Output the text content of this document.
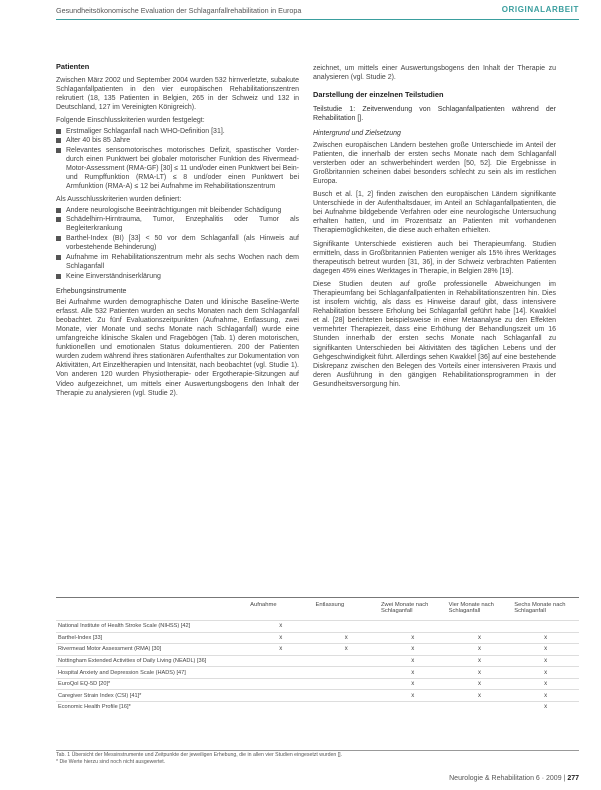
Gesundheitsökonomische Evaluation der Schlaganfallrehabilitation in Europa	ORIGINALARBEIT
Patienten

Zwischen März 2002 und September 2004 wurden 532 hirnverletzte, subakute Schlaganfallpatienten in den vier europäischen Rehabilitationszentren rekrutiert (18, 135 Patienten in Belgien, 265 in der Schweiz und 132 in Deutschland, 127 im Vereinigten Königreich).

Folgende Einschlusskriterien wurden festgelegt:
Erstmaliger Schlaganfall nach WHO-Definition [31].
Alter 40 bis 85 Jahre
Relevantes sensomotorisches motorisches Defizit, spastischer Vorder- durch einen Punktwert bei globaler motorischer Funktion des Rivermead-Motor-Assessment (RMA-GF) [30] ≤ 11 und/oder einen Punktwert bei Bein- und Rumpffunktion (RMA-LT) ≤ 8 und/oder einen Punktwert bei Armfunktion (RMA-A) ≤ 12 bei Aufnahme im Rehabilitationszentrum
Als Ausschlusskriterien wurden definiert:
Andere neurologische Beeinträchtigungen mit bleibender Schädigung
Schädelhirn-Hirntrauma, Tumor, Enzephalitis oder Tumor als Begleiterkrankung
Barthel-Index (BI) [33] < 50 vor dem Schlaganfall (als Hinweis auf vorbestehende Behinderung)
Aufnahme im Rehabilitationszentrum mehr als sechs Wochen nach dem Schlaganfall
Keine Einverständniserklärung
Erhebungsinstrumente

Bei Aufnahme wurden demographische Daten und klinische Baseline-Werte erfasst. Alle 532 Patienten wurden an sechs Monaten nach dem Schlaganfall beobachtet. Zu fünf Evaluationszeitpunkten (Aufnahme, Entlassung, zwei Monate, vier Monate und sechs Monate nach Schlaganfall) wurde eine umfangreiche klinische Skalen und Fragebögen (Tab. 1) deren motorischen, funktionellen und emotionalen Status dokumentieren. 200 der Patienten wurden zudem während ihres stationären Aufenthaltes zur Dokumentation von Aktivitäten, Art Einzeltherapien und Intensität, nach beobachtet (vgl. Studie 1). Von anderen 120 wurden Physiotherapie- oder Ergotherapie-Sitzungen auf Video aufgezeichnet, um mittels einer Auswertungsbogens den Inhalt der Therapie zu analysieren (vgl. Studie 2).

zeichnet, um mittels einer Auswertungsbogens den Inhalt der Therapie zu analysieren (vgl. Studie 2).

Darstellung der einzelnen Teilstudien
Teilstudie 1: Zeitverwendung von Schlaganfallpatienten während der Rehabilitation [].
Hintergrund und Zielsetzung

Zwischen europäischen Ländern bestehen große Unterschiede im Anteil der Patienten, die innerhalb der ersten sechs Monate nach dem Schlaganfall versterben oder an schwerbehindert werden [50, 52]. Die Ergebnisse in Großbritannien scheinen dabei besonders schlecht zu sein als im restlichen Europa.

Busch et al. [1, 2] finden zwischen den europäischen Ländern signifikante Unterschiede in der Aufenthaltsdauer, im Anteil an Schlaganfallpatienten, die bei Aufnahme bildgebende Verfahren oder eine neurologische Untersuchung erhalten hatten, und im Prozentsatz an Patienten mit vorhandenen Therapiemöglichkeiten, die diese auch erhalten erhielten.

Signifikante Unterschiede existieren auch bei Therapieumfang. Studien ermitteln, dass in Großbritannien Patienten weniger als 15% ihres Werktages therapeutisch betreut wurden [31, 36], in der Schweiz verbrachten Patienten dagegen 45% eines Werktages in Therapie, in Belgien 28% [19].

Diese Studien deuten auf große professionelle Abweichungen im Therapieumfang bei Schlaganfallpatienten in Rehabilitationszentren hin. Dies ist insofern wichtig, als dass es Hinweise darauf gibt, dass intensivere Rehabilitation bessere Erholung bei Schlaganfall geführt habe [14]. Kwakkel et al. [28] berichteten beispielsweise in einer Metaanalyse zu den Effekten vermehrter Therapiezeit, dass eine Erhöhung der Behandlungszeit um 16 Stunden innerhalb der ersten sechs Monate nach Schlaganfall zu signifikanten Unterschieden bei Aktivitäten des täglichen Lebens und der Gehgeschwindigkeit führt. Allerdings sehen Kwakkel [36] auf eine bestehende Diskrepanz zwischen den Belegen des Vorteils einer intensiveren Praxis und deren Ausführung in den gängigen Rehabilitationsprogrammen in der Gesundheitsversorgung hin.

	Aufnahme	Entlassung	Zwei Monate nach Schlaganfall	Vier Monate nach Schlaganfall	Sechs Monate nach Schlaganfall
National Institute of Health Stroke Scale (NIHSS) [42]	x				
Barthel-Index [33]	x	x	x	x	x
Rivermead Motor Assessment (RMA) [30]	x	x	x	x	x
Nottingham Extended Activities of Daily Living (NEADL) [36]			x	x	x
Hospital Anxiety and Depression Scale (HADS) [47]			x	x	x
EuroQol EQ-5D [20]*			x	x	x
Caregiver Strain Index (CSI) [41]*			x	x	x
Economic Health Profile [16]*					x
Tab. 1 Übersicht der Messinstrumente und Zeitpunkte der jeweiligen Erhebung, die in allen vier Studien eingesetzt wurden [].
* Die Werte hierzu sind noch nicht ausgewertet.
Neurologie & Rehabilitation 6 · 2009 | 277
